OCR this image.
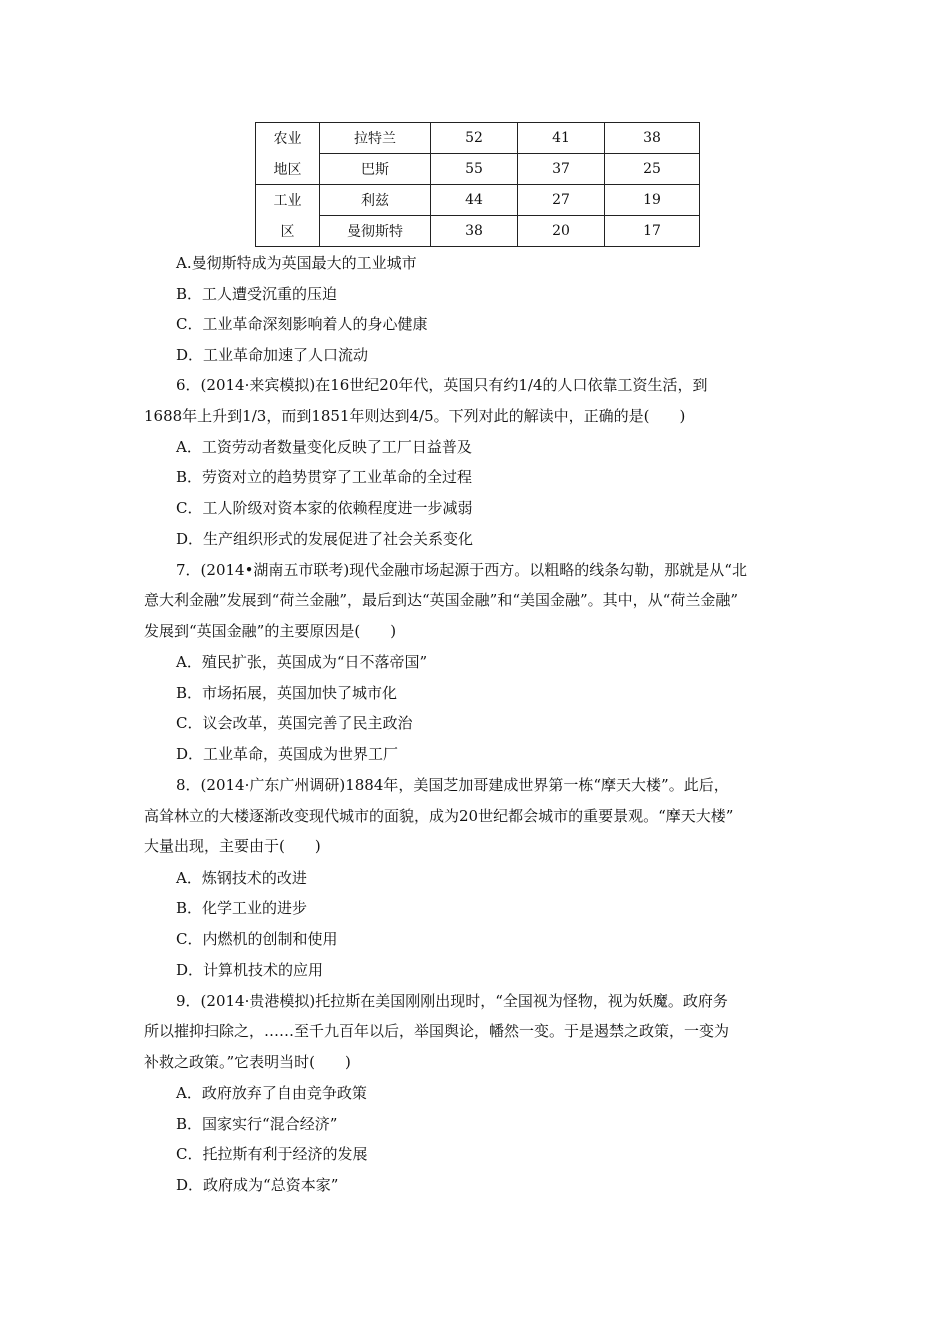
农业	拉特兰	52	41	38
地区	巴斯	55	37	25
工业	利兹	44	27	19
区	曼彻斯特	38	20	17
A.曼彻斯特成为英国最大的工业城市
B．工人遭受沉重的压迫
C．工业革命深刻影响着人的身心健康
D．工业革命加速了人口流动
6．(2014·来宾模拟)在16世纪20年代，英国只有约1/4的人口依靠工资生活，到
1688年上升到1/3，而到1851年则达到4/5。下列对此的解读中，正确的是(　　)
A．工资劳动者数量变化反映了工厂日益普及
B．劳资对立的趋势贯穿了工业革命的全过程
C．工人阶级对资本家的依赖程度进一步减弱
D．生产组织形式的发展促进了社会关系变化
7．(2014•湖南五市联考)现代金融市场起源于西方。以粗略的线条勾勒，那就是从“北
意大利金融”发展到“荷兰金融”，最后到达“英国金融”和“美国金融”。其中，从“荷兰金融”
发展到“英国金融”的主要原因是(　　)
A．殖民扩张，英国成为“日不落帝国”
B．市场拓展，英国加快了城市化
C．议会改革，英国完善了民主政治
D．工业革命，英国成为世界工厂
8．(2014·广东广州调研)1884年，美国芝加哥建成世界第一栋“摩天大楼”。此后，
高耸林立的大楼逐渐改变现代城市的面貌，成为20世纪都会城市的重要景观。“摩天大楼”
大量出现，主要由于(　　)
A．炼钢技术的改进
B．化学工业的进步
C．内燃机的创制和使用
D．计算机技术的应用
9．(2014·贵港模拟)托拉斯在美国刚刚出现时，“全国视为怪物，视为妖魔。政府务
所以摧抑扫除之，……至千九百年以后，举国舆论，幡然一变。于是遏禁之政策，一变为
补救之政策。”它表明当时(　　)
A．政府放弃了自由竞争政策
B．国家实行“混合经济”
C．托拉斯有利于经济的发展
D．政府成为“总资本家”
